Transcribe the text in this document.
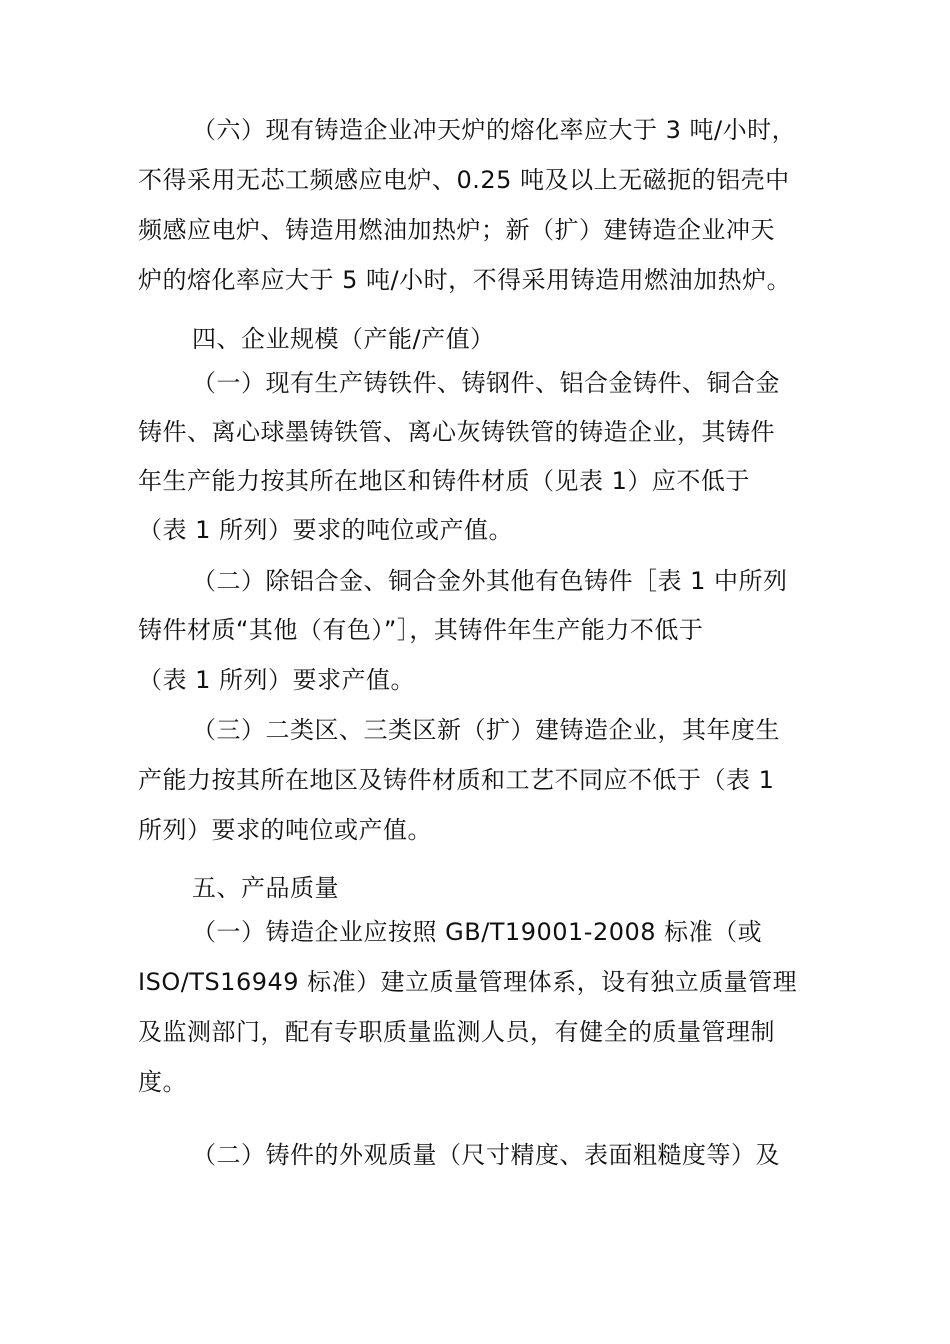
（六）现有铸造企业冲天炉的熔化率应大于 3 吨/小时，
不得采用无芯工频感应电炉、0.25 吨及以上无磁扼的铝壳中
频感应电炉、铸造用燃油加热炉；新（扩）建铸造企业冲天
炉的熔化率应大于 5 吨/小时，不得采用铸造用燃油加热炉。
四、企业规模（产能/产值）
（一）现有生产铸铁件、铸钢件、铝合金铸件、铜合金
铸件、离心球墨铸铁管、离心灰铸铁管的铸造企业，其铸件
年生产能力按其所在地区和铸件材质（见表 1）应不低于
（表 1 所列）要求的吨位或产值。
（二）除铝合金、铜合金外其他有色铸件［表 1 中所列
铸件材质“其他（有色）”］，其铸件年生产能力不低于
（表 1 所列）要求产值。
（三）二类区、三类区新（扩）建铸造企业，其年度生
产能力按其所在地区及铸件材质和工艺不同应不低于（表 1
所列）要求的吨位或产值。
五、产品质量
（一）铸造企业应按照 GB/T19001-2008 标准（或
ISO/TS16949 标准）建立质量管理体系，设有独立质量管理
及监测部门，配有专职质量监测人员，有健全的质量管理制
度。
（二）铸件的外观质量（尺寸精度、表面粗糙度等）及
